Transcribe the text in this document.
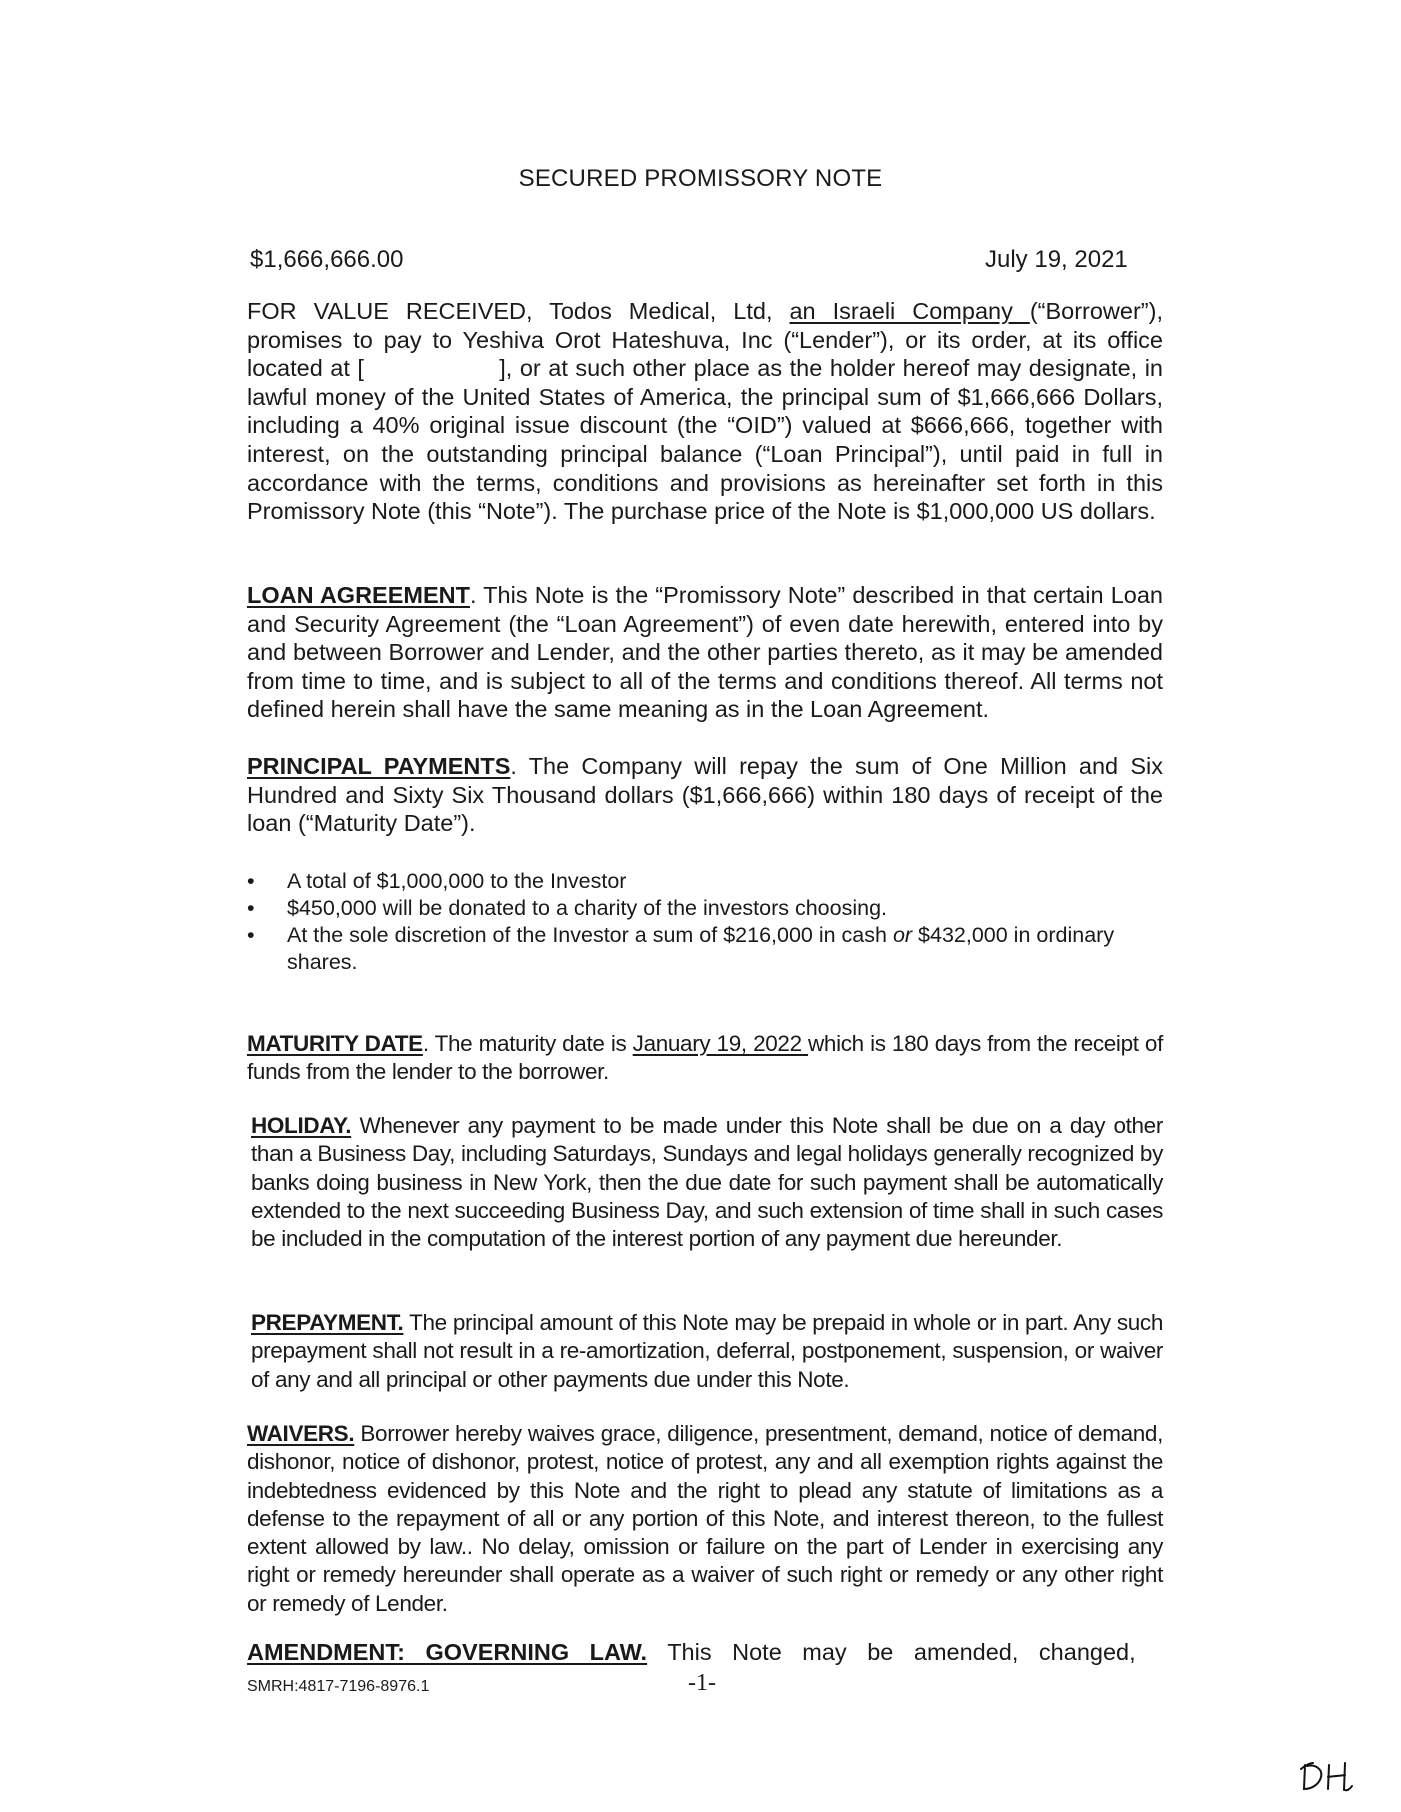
SECURED PROMISSORY NOTE
$1,666,666.00	July 19, 2021
FOR VALUE RECEIVED, Todos Medical, Ltd, an Israeli Company (“Borrower”), promises to pay to Yeshiva Orot Hateshuva, Inc (“Lender”), or its order, at its office located at [                  ], or at such other place as the holder hereof may designate, in lawful money of the United States of America, the principal sum of $1,666,666 Dollars, including a 40% original issue discount (the “OID”) valued at $666,666, together with interest, on the outstanding principal balance (“Loan Principal”), until paid in full in accordance with the terms, conditions and provisions as hereinafter set forth in this Promissory Note (this “Note”). The purchase price of the Note is $1,000,000 US dollars.
LOAN AGREEMENT. This Note is the “Promissory Note” described in that certain Loan and Security Agreement (the “Loan Agreement”) of even date herewith, entered into by and between Borrower and Lender, and the other parties thereto, as it may be amended from time to time, and is subject to all of the terms and conditions thereof. All terms not defined herein shall have the same meaning as in the Loan Agreement.
PRINCIPAL PAYMENTS. The Company will repay the sum of One Million and Six Hundred and Sixty Six Thousand dollars ($1,666,666) within 180 days of receipt of the loan (“Maturity Date”).
• A total of $1,000,000 to the Investor
• $450,000 will be donated to a charity of the investors choosing.
• At the sole discretion of the Investor a sum of $216,000 in cash or $432,000 in ordinary shares.
MATURITY DATE. The maturity date is January 19, 2022 which is 180 days from the receipt of funds from the lender to the borrower.
HOLIDAY. Whenever any payment to be made under this Note shall be due on a day other than a Business Day, including Saturdays, Sundays and legal holidays generally recognized by banks doing business in New York, then the due date for such payment shall be automatically extended to the next succeeding Business Day, and such extension of time shall in such cases be included in the computation of the interest portion of any payment due hereunder.
PREPAYMENT. The principal amount of this Note may be prepaid in whole or in part. Any such prepayment shall not result in a re-amortization, deferral, postponement, suspension, or waiver of any and all principal or other payments due under this Note.
WAIVERS. Borrower hereby waives grace, diligence, presentment, demand, notice of demand, dishonor, notice of dishonor, protest, notice of protest, any and all exemption rights against the indebtedness evidenced by this Note and the right to plead any statute of limitations as a defense to the repayment of all or any portion of this Note, and interest thereon, to the fullest extent allowed by law.. No delay, omission or failure on the part of Lender in exercising any right or remedy hereunder shall operate as a waiver of such right or remedy or any other right or remedy of Lender.
AMENDMENT: GOVERNING LAW. This Note may be amended, changed,
SMRH:4817-7196-8976.1	-1-
